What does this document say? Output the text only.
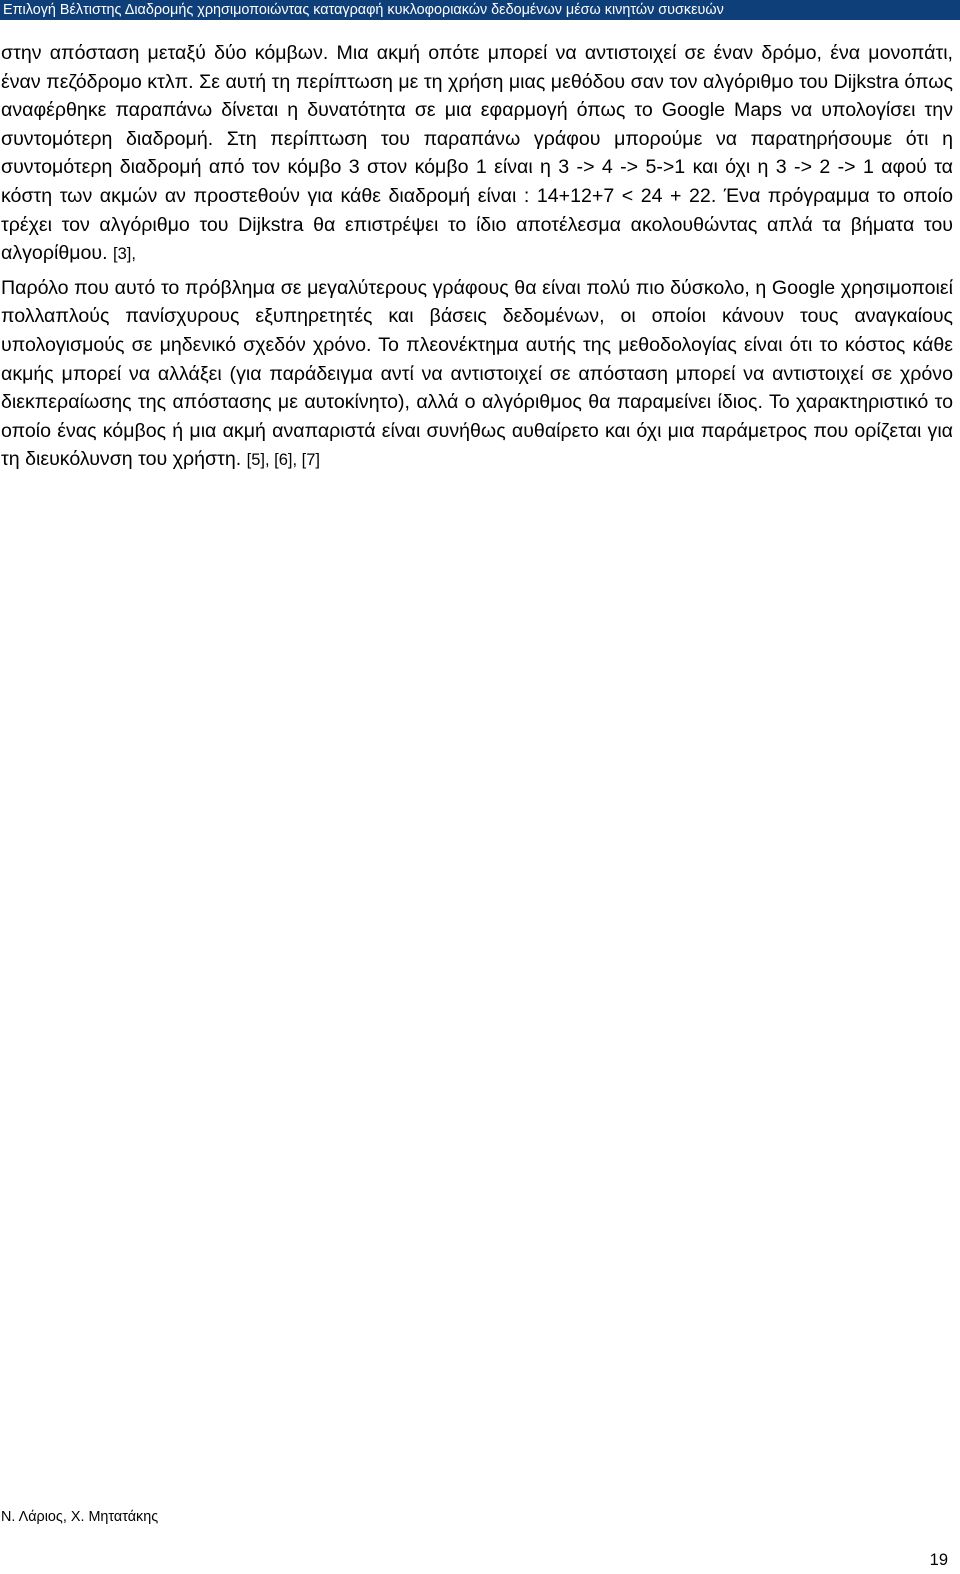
Επιλογή Βέλτιστης Διαδρομής χρησιμοποιώντας καταγραφή κυκλοφοριακών δεδομένων μέσω κινητών συσκευών

στην απόσταση μεταξύ δύο κόμβων. Μια ακμή οπότε μπορεί να αντιστοιχεί σε έναν δρόμο, ένα μονοπάτι, έναν πεζόδρομο κτλπ. Σε αυτή τη περίπτωση με τη χρήση μιας μεθόδου σαν τον αλγόριθμο του Dijkstra όπως αναφέρθηκε παραπάνω δίνεται η δυνατότητα σε μια εφαρμογή όπως το Google Maps να υπολογίσει την συντομότερη διαδρομή. Στη περίπτωση του παραπάνω γράφου μπορούμε να παρατηρήσουμε ότι η συντομότερη διαδρομή από τον κόμβο 3 στον κόμβο 1 είναι η 3 -> 4 -> 5->1 και όχι η 3 -> 2 -> 1 αφού τα κόστη των ακμών αν προστεθούν για κάθε διαδρομή είναι : 14+12+7 < 24 + 22. Ένα πρόγραμμα το οποίο τρέχει τον αλγόριθμο του Dijkstra θα επιστρέψει το ίδιο αποτέλεσμα ακολουθώντας απλά τα βήματα του αλγορίθμου. [3],

Παρόλο που αυτό το πρόβλημα σε μεγαλύτερους γράφους θα είναι πολύ πιο δύσκολο, η Google χρησιμοποιεί πολλαπλούς πανίσχυρους εξυπηρετητές και βάσεις δεδομένων, οι οποίοι κάνουν τους αναγκαίους υπολογισμούς σε μηδενικό σχεδόν χρόνο. Το πλεονέκτημα αυτής της μεθοδολογίας είναι ότι το κόστος κάθε ακμής μπορεί να αλλάξει (για παράδειγμα αντί να αντιστοιχεί σε απόσταση μπορεί να αντιστοιχεί σε χρόνο διεκπεραίωσης της απόστασης με αυτοκίνητο), αλλά ο αλγόριθμος θα παραμείνει ίδιος. Το χαρακτηριστικό το οποίο ένας κόμβος ή μια ακμή αναπαριστά είναι συνήθως αυθαίρετο και όχι μια παράμετρος που ορίζεται για τη διευκόλυνση του χρήστη. [5], [6], [7]

Ν. Λάριος, Χ. Μητατάκης
19
